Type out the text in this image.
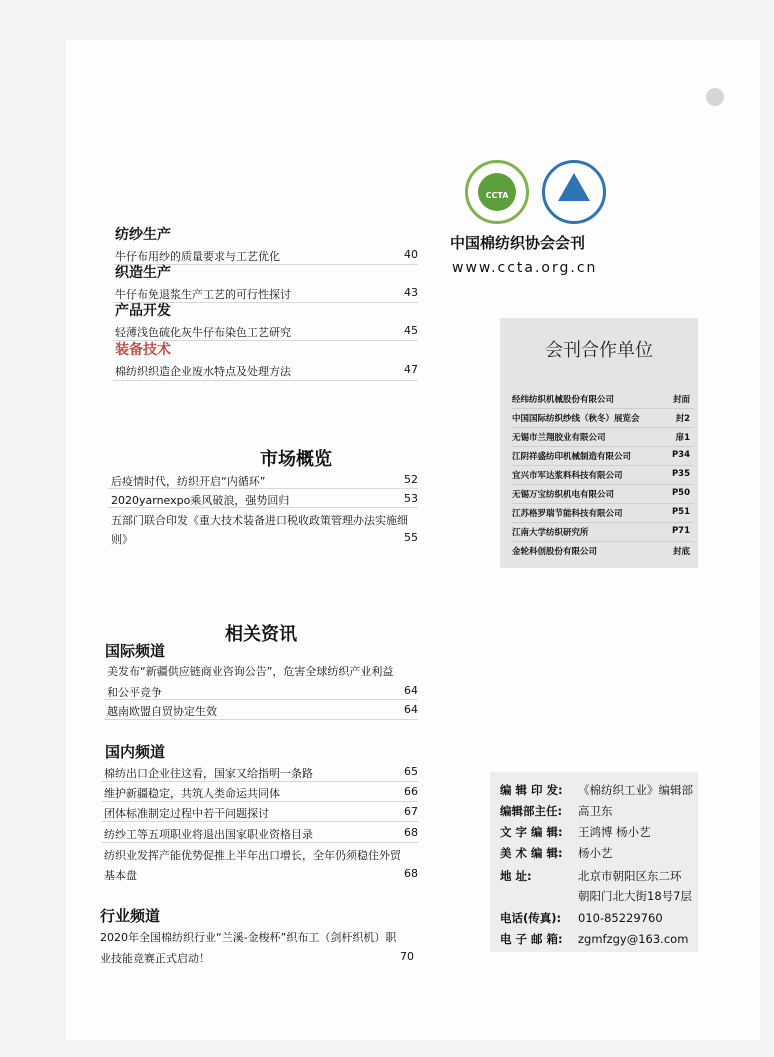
纺纱生产
牛仔布用纱的质量要求与工艺优化	40
织造生产
牛仔布免退浆生产工艺的可行性探讨	43
产品开发
轻薄浅色硫化灰牛仔布染色工艺研究	45
装备技术
棉纺织织造企业废水特点及处理方法	47
市场概览
后疫情时代，纺织开启“内循环”	52
2020yarnexpo乘风破浪，强势回归	53
五部门联合印发《重大技术装备进口税收政策管理办法实施细
则》	55
相关资讯
国际频道
美发布“新疆供应链商业咨询公告”，危害全球纺织产业利益
和公平竞争	64
越南欧盟自贸协定生效	64
国内频道
棉纺出口企业往这看，国家又给指明一条路	65
维护新疆稳定，共筑人类命运共同体	66
团体标准制定过程中若干问题探讨	67
纺纱工等五项职业将退出国家职业资格目录	68
纺织业发挥产能优势促推上半年出口增长，全年仍须稳住外贸
基本盘	68
行业频道
2020年全国棉纺织行业“兰溪-金梭杯”织布工（剑杆织机）职
业技能竞赛正式启动！	70
CCTA
中国棉纺织协会会刊
www.ccta.org.cn
会刊合作单位
经纬纺织机械股份有限公司	封面
中国国际纺织纱线（秋冬）展览会	封2
无锡市兰翔胶业有限公司	扉1
江阴祥盛纺印机械制造有限公司	P34
宜兴市军达浆料科技有限公司	P35
无锡万宝纺织机电有限公司	P50
江苏格罗瑞节能科技有限公司	P51
江南大学纺织研究所	P71
金轮科创股份有限公司	封底
编 辑 印 发: 《棉纺织工业》编辑部
编辑部主任: 高卫东
文 字 编 辑: 王鸿博 杨小艺
美 术 编 辑: 杨小艺
地 址:	北京市朝阳区东二环
朝阳门北大街18号7层
电话(传真): 010-85229760
电 子 邮 箱: zgmfzgy@163.com
